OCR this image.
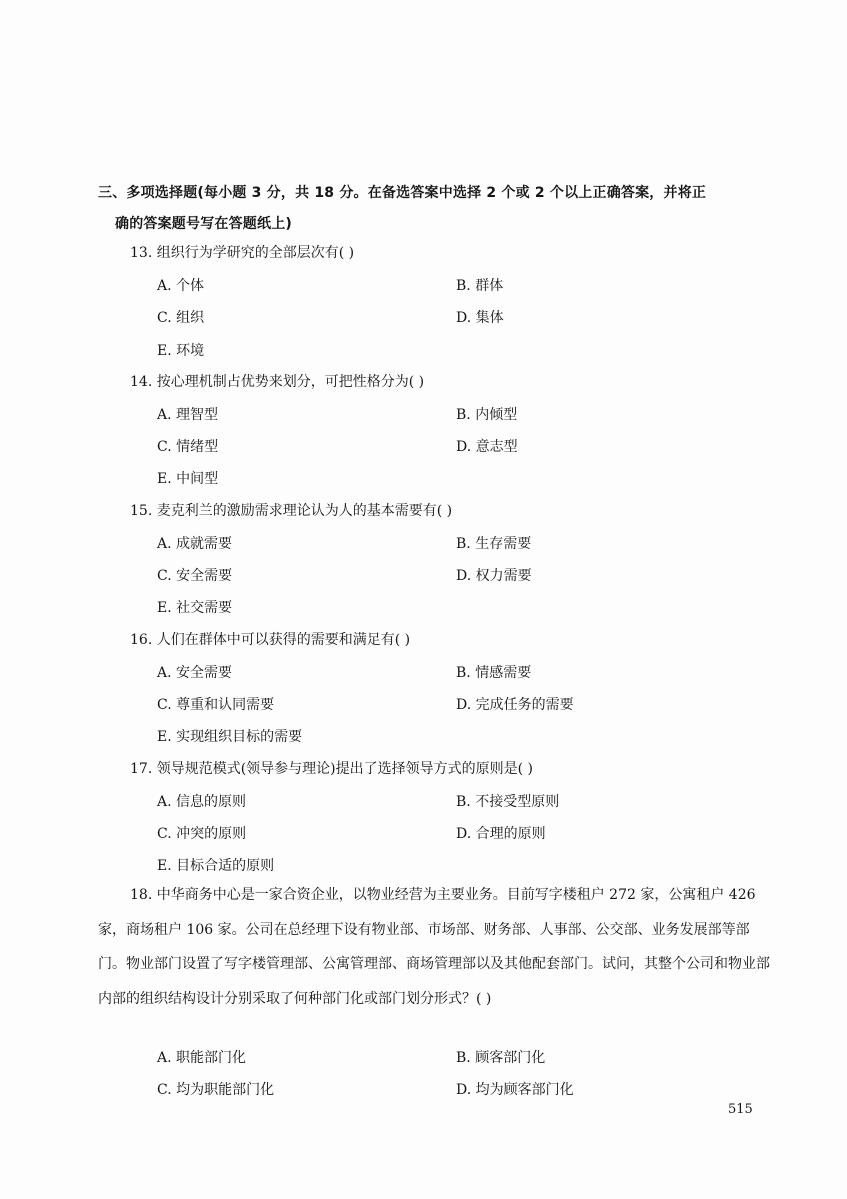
三、多项选择题(每小题 3 分，共 18 分。在备选答案中选择 2 个或 2 个以上正确答案，并将正
确的答案题号写在答题纸上)
13. 组织行为学研究的全部层次有( )
A. 个体	B. 群体
C. 组织	D. 集体
E. 环境
14. 按心理机制占优势来划分，可把性格分为( )
A. 理智型	B. 内倾型
C. 情绪型	D. 意志型
E. 中间型
15. 麦克利兰的激励需求理论认为人的基本需要有( )
A. 成就需要	B. 生存需要
C. 安全需要	D. 权力需要
E. 社交需要
16. 人们在群体中可以获得的需要和满足有( )
A. 安全需要	B. 情感需要
C. 尊重和认同需要	D. 完成任务的需要
E. 实现组织目标的需要
17. 领导规范模式(领导参与理论)提出了选择领导方式的原则是( )
A. 信息的原则	B. 不接受型原则
C. 冲突的原则	D. 合理的原则
E. 目标合适的原则
18. 中华商务中心是一家合资企业，以物业经营为主要业务。目前写字楼租户 272 家，公寓租户 426 家，商场租户 106 家。公司在总经理下设有物业部、市场部、财务部、人事部、公交部、业务发展部等部门。物业部门设置了写字楼管理部、公寓管理部、商场管理部以及其他配套部门。试问，其整个公司和物业部内部的组织结构设计分别采取了何种部门化或部门划分形式？( )
A. 职能部门化	B. 顾客部门化
C. 均为职能部门化	D. 均为顾客部门化
515
